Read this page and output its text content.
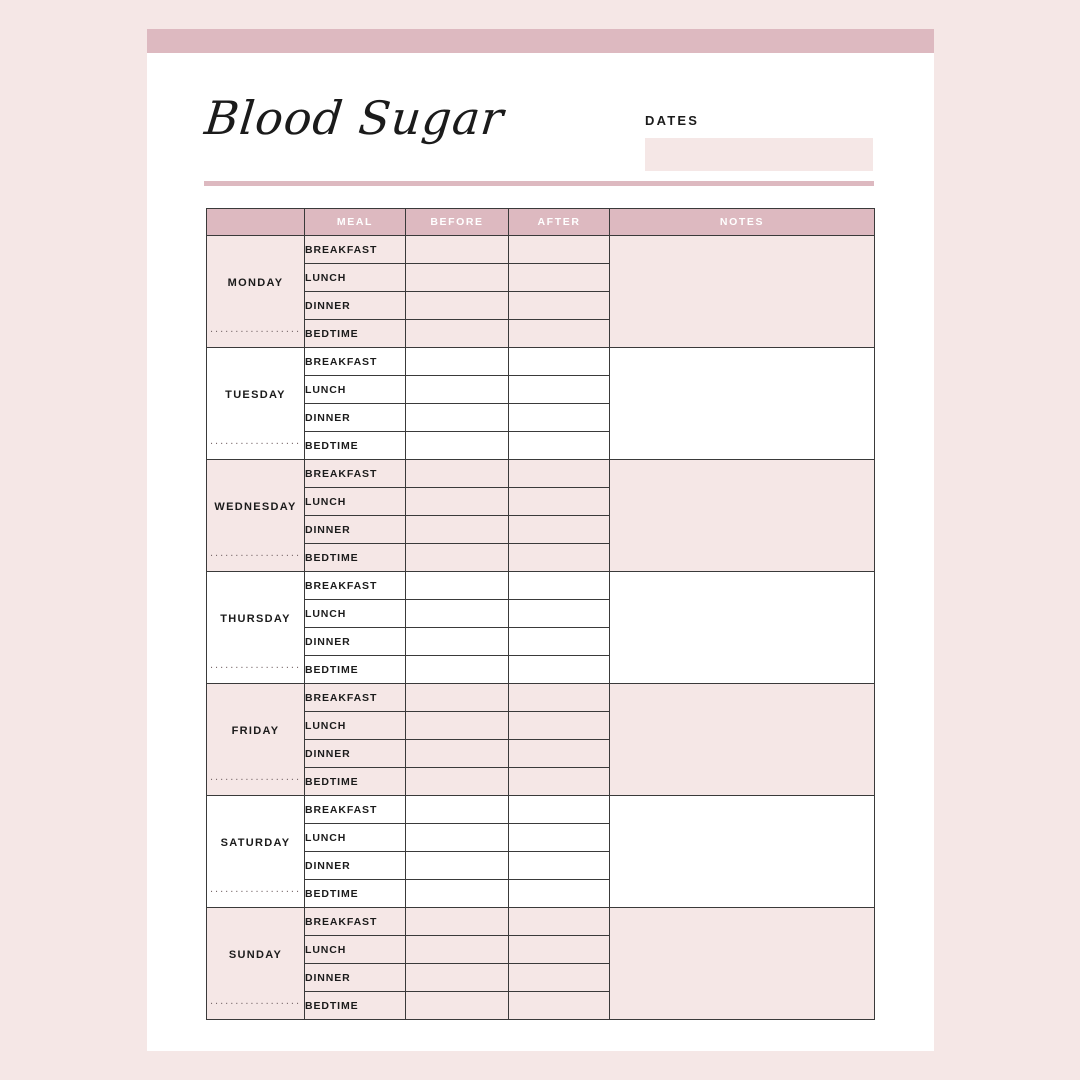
Blood Sugar	DATES
	MEAL	BEFORE	AFTER	NOTES

MONDAY
..................	BREAKFAST			
	LUNCH			
	DINNER			
	BEDTIME			

TUESDAY
..................	BREAKFAST			
	LUNCH			
	DINNER			
	BEDTIME			

WEDNESDAY
..................	BREAKFAST			
	LUNCH			
	DINNER			
	BEDTIME			

THURSDAY
..................	BREAKFAST			
	LUNCH			
	DINNER			
	BEDTIME			

FRIDAY
..................	BREAKFAST			
	LUNCH			
	DINNER			
	BEDTIME			

SATURDAY
..................	BREAKFAST			
	LUNCH			
	DINNER			
	BEDTIME			

SUNDAY
..................	BREAKFAST			
	LUNCH			
	DINNER			
	BEDTIME			
